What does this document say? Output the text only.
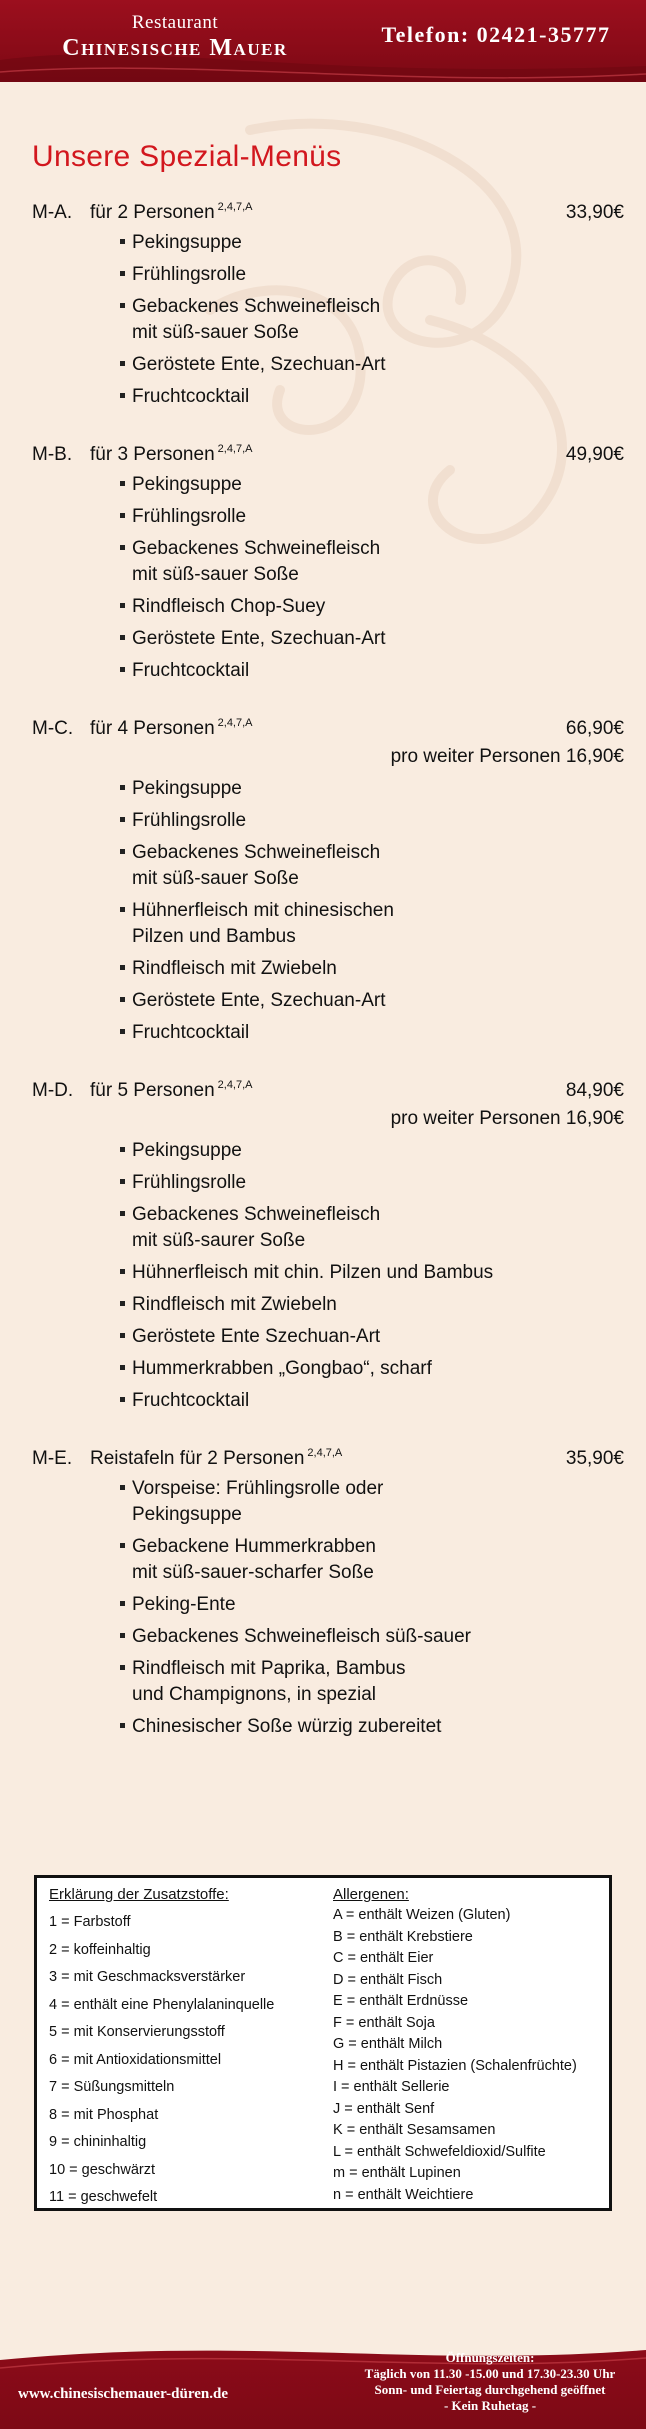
Restaurant
Chinesische Mauer
Telefon: 02421-35777
Unsere Spezial-Menüs
M-A. für 2 Personen $^{2,4,7,A}$	33,90€
Pekingsuppe
Frühlingsrolle
Gebackenes Schweinefleisch
mit süß-sauer Soße
Geröstete Ente, Szechuan-Art
Fruchtcocktail
M-B. für 3 Personen $^{2,4,7,A}$	49,90€
Pekingsuppe
Frühlingsrolle
Gebackenes Schweinefleisch
mit süß-sauer Soße
Rindfleisch Chop-Suey
Geröstete Ente, Szechuan-Art
Fruchtcocktail
M-C. für 4 Personen $^{2,4,7,A}$	66,90€
pro weiter Personen 16,90€
Pekingsuppe
Frühlingsrolle
Gebackenes Schweinefleisch
mit süß-sauer Soße
Hühnerfleisch mit chinesischen
Pilzen und Bambus
Rindfleisch mit Zwiebeln
Geröstete Ente, Szechuan-Art
Fruchtcocktail
M-D. für 5 Personen $^{2,4,7,A}$	84,90€
pro weiter Personen 16,90€
Pekingsuppe
Frühlingsrolle
Gebackenes Schweinefleisch
mit süß-saurer Soße
Hühnerfleisch mit chin. Pilzen und Bambus
Rindfleisch mit Zwiebeln
Geröstete Ente Szechuan-Art
Hummerkrabben „Gongbao“, scharf
Fruchtcocktail
M-E. Reistafeln für 2 Personen $^{2,4,7,A}$	35,90€
Vorspeise: Frühlingsrolle oder
Pekingsuppe
Gebackene Hummerkrabben
mit süß-sauer-scharfer Soße
Peking-Ente
Gebackenes Schweinefleisch süß-sauer
Rindfleisch mit Paprika, Bambus
und Champignons, in spezial
Chinesischer Soße würzig zubereitet
Erklärung der Zusatzstoffe:
1 = Farbstoff
2 = koffeinhaltig
3 = mit Geschmacksverstärker
4 = enthält eine Phenylalaninquelle
5 = mit Konservierungsstoff
6 = mit Antioxidationsmittel
7 = Süßungsmitteln
8 = mit Phosphat
9 = chininhaltig
10 = geschwärzt
11 = geschwefelt
Allergenen:
A = enthält Weizen (Gluten)
B = enthält Krebstiere
C = enthält Eier
D = enthält Fisch
E = enthält Erdnüsse
F = enthält Soja
G = enthält Milch
H = enthält Pistazien (Schalenfrüchte)
I = enthält Sellerie
J = enthält Senf
K = enthält Sesamsamen
L = enthält Schwefeldioxid/Sulfite
m = enthält Lupinen
n = enthält Weichtiere
www.chinesischemauer-düren.de
Öffnungszeiten:
Täglich von 11.30 -15.00 und 17.30-23.30 Uhr
Sonn- und Feiertag durchgehend geöffnet
- Kein Ruhetag -
